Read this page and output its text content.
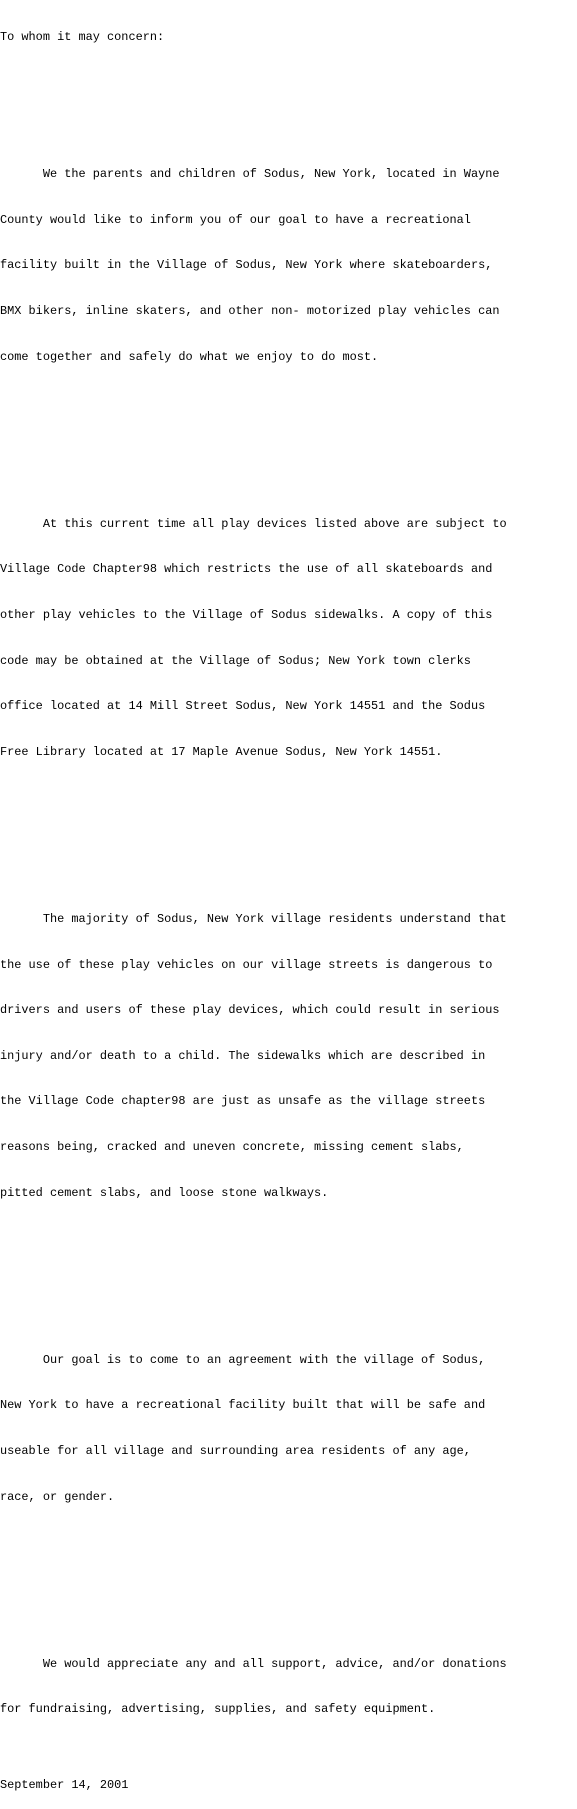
To whom it may concern:

We the parents and children of Sodus, New York, located in Wayne

County would like to inform you of our goal to have a recreational

facility built in the Village of Sodus, New York where skateboarders,

BMX bikers, inline skaters, and other non- motorized play vehicles can

come together and safely do what we enjoy to do most.

At this current time all play devices listed above are subject to

Village Code Chapter98 which restricts the use of all skateboards and

other play vehicles to the Village of Sodus sidewalks. A copy of this

code may be obtained at the Village of Sodus; New York town clerks

office located at 14 Mill Street Sodus, New York 14551 and the Sodus

Free Library located at 17 Maple Avenue Sodus, New York 14551.

The majority of Sodus, New York village residents understand that

the use of these play vehicles on our village streets is dangerous to

drivers and users of these play devices, which could result in serious

injury and/or death to a child. The sidewalks which are described in

the Village Code chapter98 are just as unsafe as the village streets

reasons being, cracked and uneven concrete, missing cement slabs,

pitted cement slabs, and loose stone walkways.

Our goal is to come to an agreement with the village of Sodus,

New York to have a recreational facility built that will be safe and

useable for all village and surrounding area residents of any age,

race, or gender.

We would appreciate any and all support, advice, and/or donations

for fundraising, advertising, supplies, and safety equipment.

September 14, 2001
